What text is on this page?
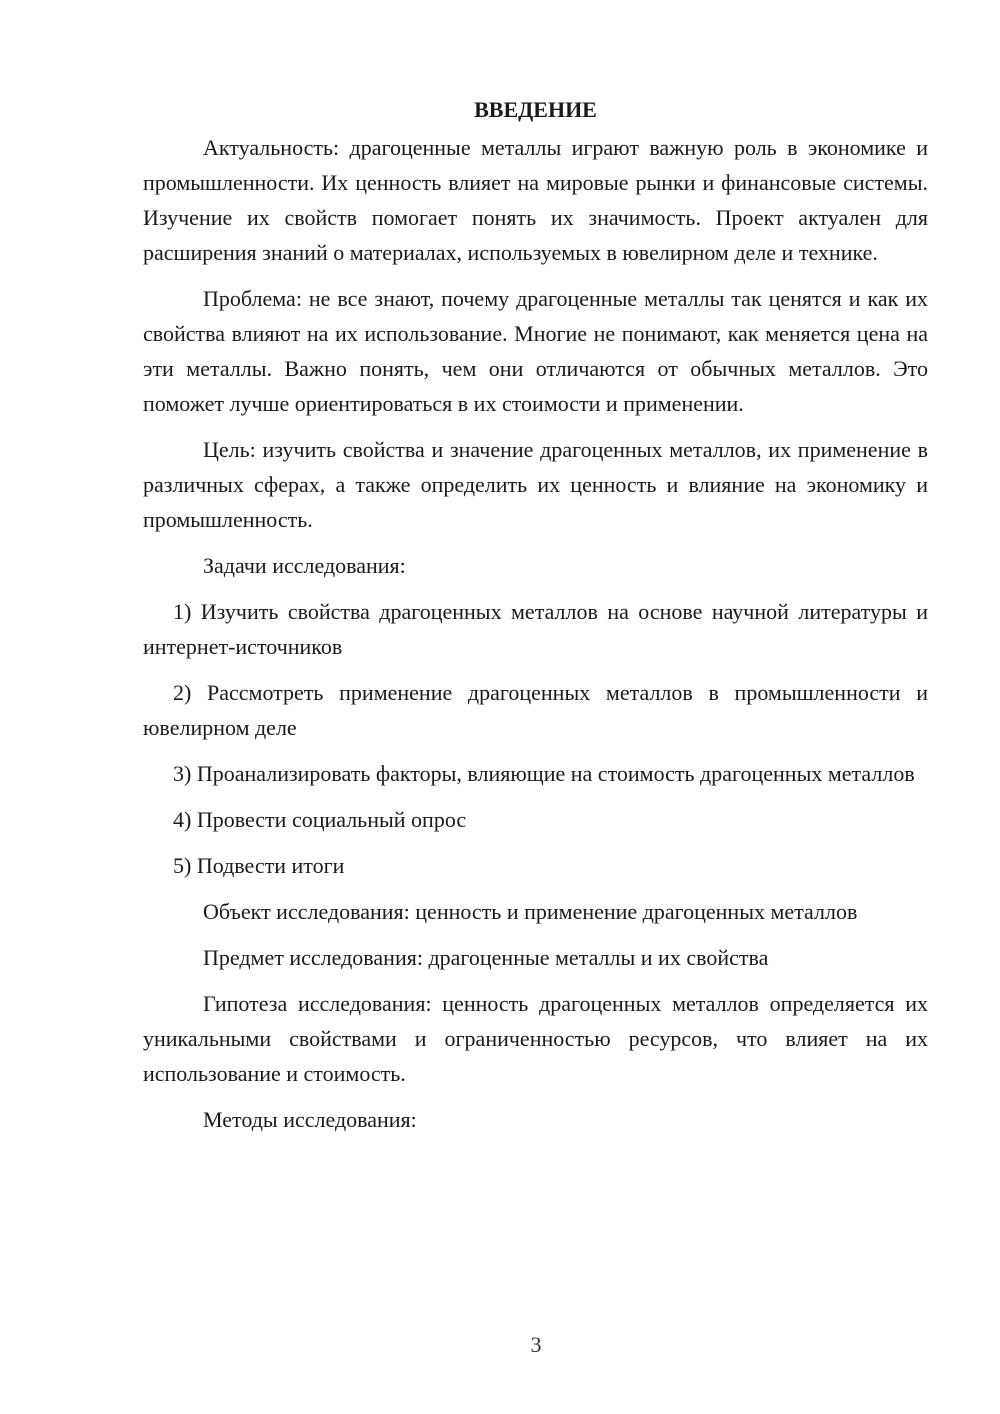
ВВЕДЕНИЕ

Актуальность: драгоценные металлы играют важную роль в экономике и промышленности. Их ценность влияет на мировые рынки и финансовые системы. Изучение их свойств помогает понять их значимость. Проект актуален для расширения знаний о материалах, используемых в ювелирном деле и технике.

Проблема: не все знают, почему драгоценные металлы так ценятся и как их свойства влияют на их использование. Многие не понимают, как меняется цена на эти металлы. Важно понять, чем они отличаются от обычных металлов. Это поможет лучше ориентироваться в их стоимости и применении.

Цель: изучить свойства и значение драгоценных металлов, их применение в различных сферах, а также определить их ценность и влияние на экономику и промышленность.

Задачи исследования:

1) Изучить свойства драгоценных металлов на основе научной литературы и интернет-источников

2) Рассмотреть применение драгоценных металлов в промышленности и ювелирном деле

3) Проанализировать факторы, влияющие на стоимость драгоценных металлов

4) Провести социальный опрос

5) Подвести итоги

Объект исследования: ценность и применение драгоценных металлов

Предмет исследования: драгоценные металлы и их свойства

Гипотеза исследования: ценность драгоценных металлов определяется их уникальными свойствами и ограниченностью ресурсов, что влияет на их использование и стоимость.

Методы исследования:

3
